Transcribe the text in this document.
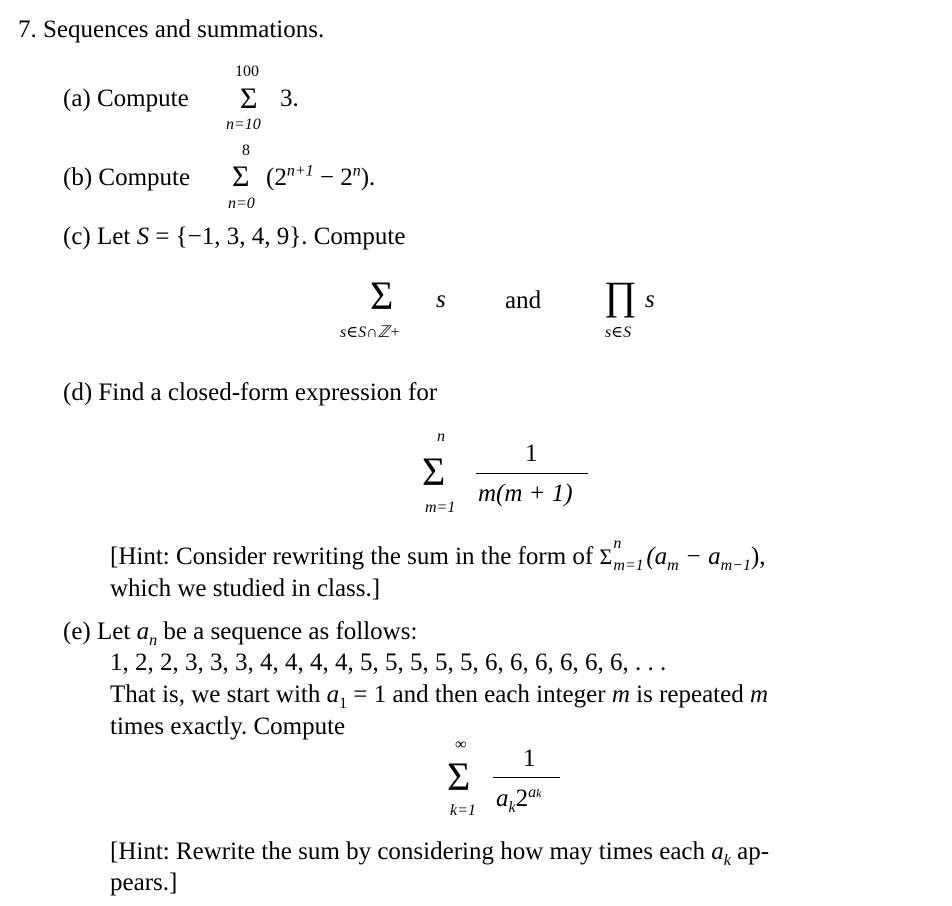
7. Sequences and summations.
(a) Compute
100
Σ
n=10
3.
(b) Compute
8
Σ
n=0
$(2^{n+1} - 2^n)$.
(c) Let S = {−1, 3, 4, 9}. Compute
Σ s
s∈S∩ℤ+
and ∏ s
s∈S
(d) Find a closed-form expression for
n
Σ
m=1
1
m(m + 1)
[Hint: Consider rewriting the sum in the form of Σ
n
m=1 $(a_m - a_{m-1})$,
which we studied in class.]
(e) Let $a_n$ be a sequence as follows:
1, 2, 2, 3, 3, 3, 4, 4, 4, 4, 5, 5, 5, 5, 5, 6, 6, 6, 6, 6, 6, . . .
That is, we start with $a_1 = 1$ and then each integer m is repeated m
times exactly. Compute
∞
Σ
k=1
1
$a_k2^{ak}$
[Hint: Rewrite the sum by considering how may times each $a_k$ ap-
pears.]
